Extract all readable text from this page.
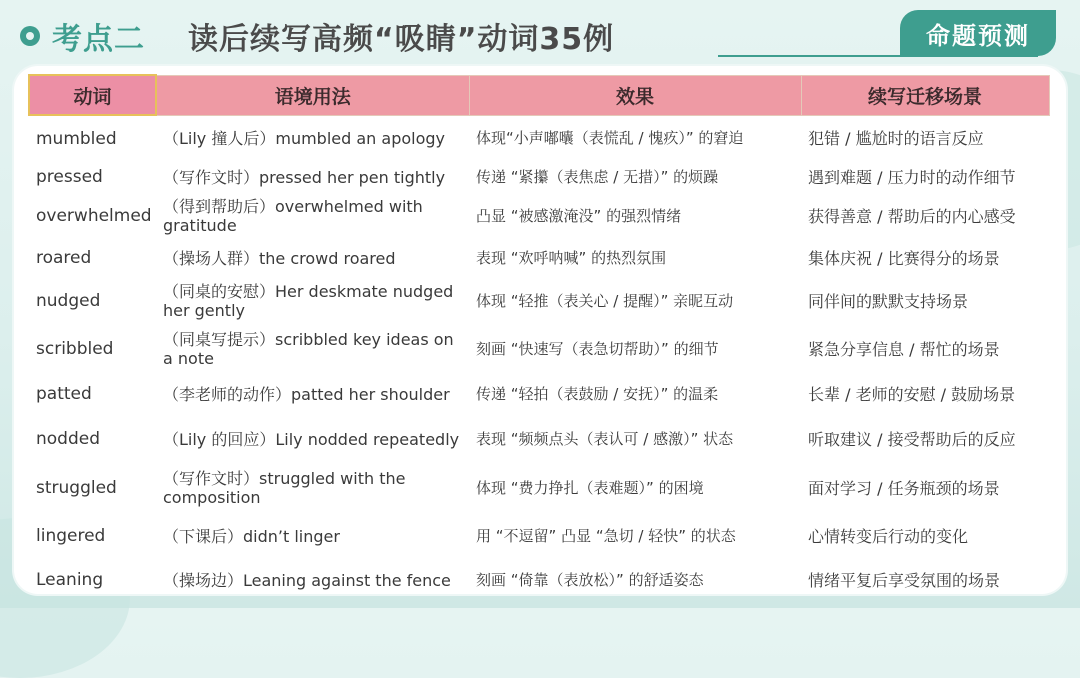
考点二 读后续写高频“吸睛”动词35例	命题预测
动词	语境用法	效果	续写迁移场景
mumbled	（Lily 撞人后）mumbled an apology	体现“小声嘟囔（表慌乱 / 愧疚）” 的窘迫	犯错 / 尴尬时的语言反应
pressed	（写作文时）pressed her pen tightly	传递 “紧攥（表焦虑 / 无措）” 的烦躁	遇到难题 / 压力时的动作细节
overwhelmed	（得到帮助后）overwhelmed with gratitude	凸显 “被感激淹没” 的强烈情绪	获得善意 / 帮助后的内心感受
roared	（操场人群）the crowd roared	表现 “欢呼呐喊” 的热烈氛围	集体庆祝 / 比赛得分的场景
nudged	（同桌的安慰）Her deskmate nudged her gently	体现 “轻推（表关心 / 提醒）” 亲昵互动	同伴间的默默支持场景
scribbled	（同桌写提示）scribbled key ideas on a note	刻画 “快速写（表急切帮助）” 的细节	紧急分享信息 / 帮忙的场景
patted	（李老师的动作）patted her shoulder	传递 “轻拍（表鼓励 / 安抚）” 的温柔	长辈 / 老师的安慰 / 鼓励场景
nodded	（Lily 的回应）Lily nodded repeatedly	表现 “频频点头（表认可 / 感激）” 状态	听取建议 / 接受帮助后的反应
struggled	（写作文时）struggled with the composition	体现 “费力挣扎（表难题）” 的困境	面对学习 / 任务瓶颈的场景
lingered	（下课后）didn’t linger	用 “不逗留” 凸显 “急切 / 轻快” 的状态	心情转变后行动的变化
Leaning	（操场边）Leaning against the fence	刻画 “倚靠（表放松）” 的舒适姿态	情绪平复后享受氛围的场景
